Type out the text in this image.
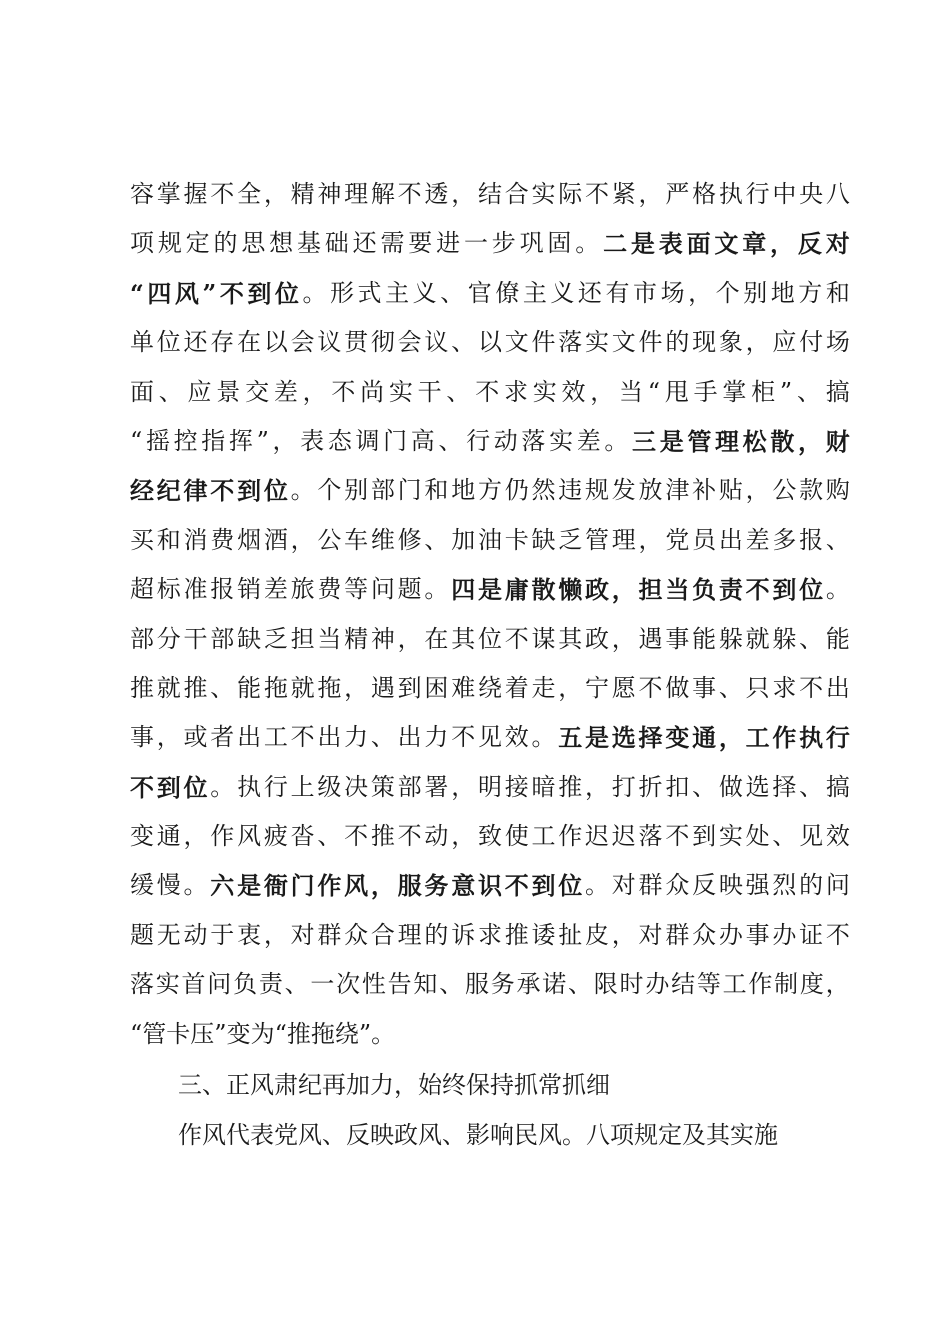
容 掌 握 不 全 ， 精 神 理 解 不 透 ， 结 合 实 际 不 紧 ， 严 格 执 行 中 央 八
项 规 定 的 思 想 基 础 还 需 要 进 一 步 巩 固 。 二 是 表 面 文 章 ， 反 对
“ 四 风 ” 不 到 位 。 形 式 主 义 、 官 僚 主 义 还 有 市 场 ， 个 别 地 方 和
单 位 还 存 在 以 会 议 贯 彻 会 议 、 以 文 件 落 实 文 件 的 现 象 ， 应 付 场
面 、 应 景 交 差 ， 不 尚 实 干 、 不 求 实 效 ， 当 “ 甩 手 掌 柜 ” 、 搞
“ 摇 控 指 挥 ” ， 表 态 调 门 高 、 行 动 落 实 差 。 三 是 管 理 松 散 ， 财
经 纪 律 不 到 位 。 个 别 部 门 和 地 方 仍 然 违 规 发 放 津 补 贴 ， 公 款 购
买 和 消 费 烟 酒 ， 公 车 维 修 、 加 油 卡 缺 乏 管 理 ， 党 员 出 差 多 报 、
超 标 准 报 销 差 旅 费 等 问 题 。 四 是 庸 散 懒 政 ， 担 当 负 责 不 到 位 。
部 分 干 部 缺 乏 担 当 精 神 ， 在 其 位 不 谋 其 政 ， 遇 事 能 躲 就 躲 、 能
推 就 推 、 能 拖 就 拖 ， 遇 到 困 难 绕 着 走 ， 宁 愿 不 做 事 、 只 求 不 出
事 ， 或 者 出 工 不 出 力 、 出 力 不 见 效 。 五 是 选 择 变 通 ， 工 作 执 行
不 到 位 。 执 行 上 级 决 策 部 署 ， 明 接 暗 推 ， 打 折 扣 、 做 选 择 、 搞
变 通 ， 作 风 疲 沓 、 不 推 不 动 ， 致 使 工 作 迟 迟 落 不 到 实 处 、 见 效
缓 慢 。 六 是 衙 门 作 风 ， 服 务 意 识 不 到 位 。 对 群 众 反 映 强 烈 的 问
题 无 动 于 衷 ， 对 群 众 合 理 的 诉 求 推 诿 扯 皮 ， 对 群 众 办 事 办 证 不
落 实 首 问 负 责 、 一 次 性 告 知 、 服 务 承 诺 、 限 时 办 结 等 工 作 制 度 ，
“ 管 卡 压 ” 变 为 “ 推 拖 绕 ” 。
三、正风肃纪再加力，始终保持抓常抓细
作风代表党风、反映政风、影响民风。八项规定及其实施
